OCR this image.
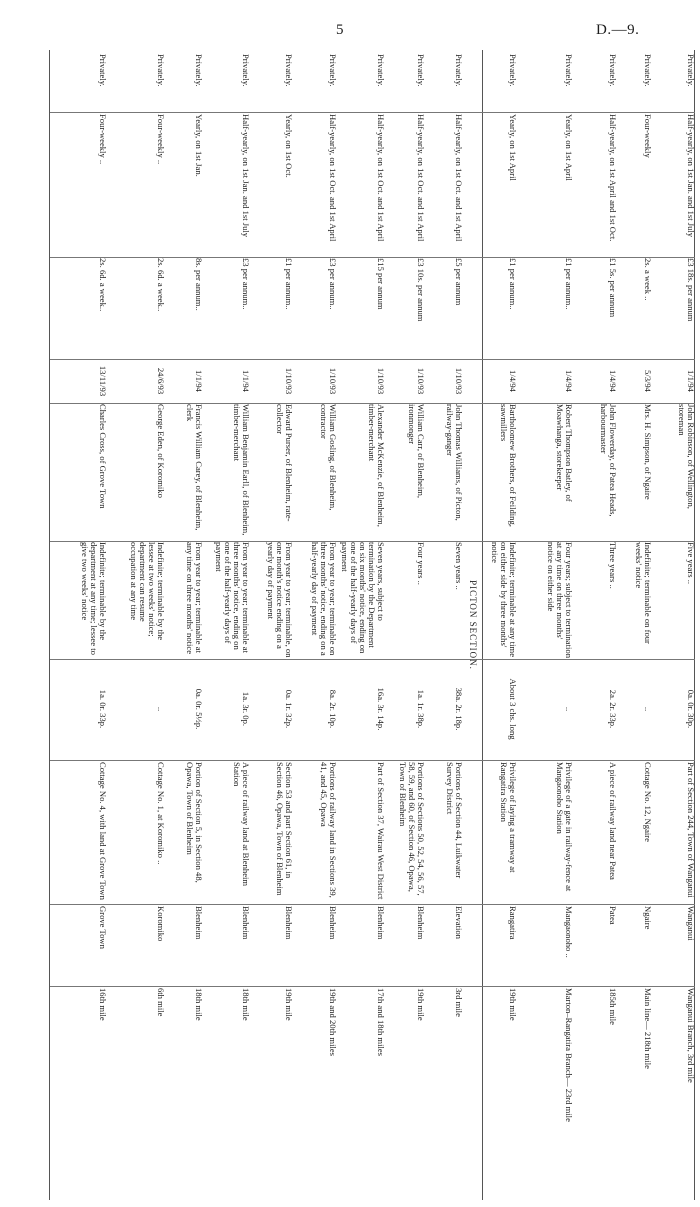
5	D.—9.
Privately.
Half-yearly, on 1st Jan. and 1st July
£3 18s. per annum
1/1/94
John Robinson, of Wellington, storeman
Five years ..
0a. 0r. 30p.
Part of Section 244, Town of Wanganui
Wanganui
Wanganui Branch, 3rd mile
Privately.
Four-weekly
2s. a week ..
5/3/94
Mrs. H. Simpson, of Ngaire
Indefinite; terminable on four weeks' notice
..
Cottage No. 12, Ngaire
Ngaire
Main line— 218th mile
Privately.
Half-yearly, on 1st April and 1st Oct.
£1 5s. per annum
1/4/94
John Flowerday, of Patea Heads, harbourmaster
Three years ..
2a. 2r. 33p.
A piece of railway land near Patea
Patea
185th mile
Privately.
Yearly, on 1st April
£1 per annum..
1/4/94
Robert Thompson Batley, of Moawhanga, storekeeper
Four years; subject to termination at any time on three months' notice on either side
..
Privilege of a gate in railway-fence at Mangaonoho Station
Mangaonoho ..
Marton–Rangatira Branch— 23rd mile
Privately.
Yearly, on 1st April
£1 per annum..
1/4/94
Bartholomew Brothers, of Feilding, sawmillers
Indefinite; terminable at any time on either side by three months' notice
About 3 chs. long
Privilege of laying a tramway at Rangatira Station
Rangatira
19th mile
PICTON SECTION.
Privately.
Half-yearly, on 1st Oct. and 1st April
£5 per annum
1/10/93
John Thomas Williams, of Picton, railway-ganger
Seven years ..
38a. 2r. 18p.
Portions of Section 44, Luikwater Survey District
Elevation
3rd mile
Privately.
Half-yearly, on 1st Oct. and 1st April
£3 10s. per annum
1/10/93
William Carr, of Blenheim, ironmonger
Four years ..
1a. 1r. 38p.
Portions of Sections 50, 52, 54, 56, 57, 58, 59, and 60, of Section 46, Opawa, Town of Blenheim
Blenheim
19th mile
Privately.
Half-yearly, on 1st Oct. and 1st April
£15 per annum
1/10/93
Alexander McKenzie, of Blenheim, timber-merchant
Seven years, subject to termination by the Department on six months' notice, ending on one of the half-yearly days of payment
16a. 3r. 14p.
Part of Section 37, Wairau West District
Blenheim
17th and 18th miles
Privately.
Half-yearly, on 1st Oct. and 1st April
£3 per annum..
1/10/93
William Gosling, of Blenheim, contractor
From year to year; terminable on three months' notice, ending on a half-yearly day of payment
8a. 2r. 10p.
Portions of railway land in Sections 39, 41, and 45, Opawa
Blenheim
19th and 20th miles
Privately.
Yearly, on 1st Oct.
£1 per annum..
1/10/93
Edward Purser, of Blenheim, rate-collector
From year to year; terminable, on one month's notice ending on a yearly day of payment
0a. 1r. 32p.
Section 53 and part Section 61, in Section 46, Opawa, Town of Blenheim
Blenheim
19th mile
Privately.
Half-yearly, on 1st Jan. and 1st July
£3 per annum..
1/1/94
William Benjamin Earll, of Blenheim, timber-merchant
From year to year; terminable at three months' notice, ending on one of the half-yearly days of payment
1a. 3r. 0p.
A piece of railway land at Blenheim Station
Blenheim
18th mile
Privately.
Yearly, on 1st Jan.
8s. per annum..
1/1/94
Francis William Carey, of Blenheim, clerk
From year to year; terminable at any time on three months' notice
0a. 0r. 5½p.
Portion of Section 5, in Section 48, Opawa, Town of Blenheim
Blenheim
18th mile
Privately.
Four-weekly ..
2s. 6d. a week..
24/6/93
George Eden, of Koromiko
Indefinite; terminable by the lessee at two weeks' notice; department can resume occupation at any time
..
Cottage No. 1, at Koromiko ..
Koromiko
6th mile
Privately.
Four-weekly ..
2s. 6d. a week..
13/11/93
Charles Cross, of Grove Town
Indefinite; terminable by the department at any time; lessee to give two weeks' notice
1a. 0r. 33p.
Cottage No. 4, with land at Grove Town
Grove Town
16th mile
